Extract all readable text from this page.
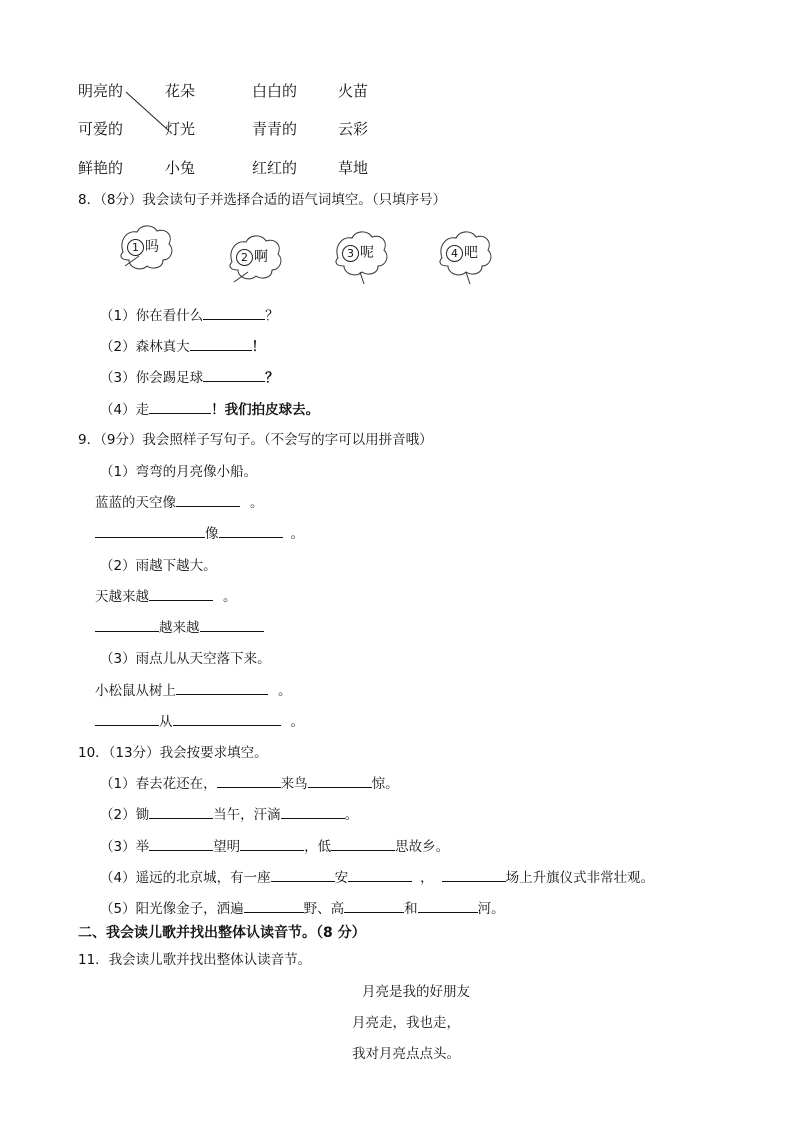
明亮的	花朵	白白的	火苗
可爱的	灯光	青青的	云彩
鲜艳的	小兔	红红的	草地
8．（8分）我会读句子并选择合适的语气词填空。（只填序号）
1 吗
2 啊	3 呢	4 吧
（1）你在看什么	？
（2）森林真大	！
（3）你会踢足球	？
（4）走	！我们拍皮球去。
9．（9分）我会照样子写句子。（不会写的字可以用拼音哦）
（1）弯弯的月亮像小船。
蓝蓝的天空像	。
像	。
（2）雨越下越大。
天越来越	。
越来越
（3）雨点儿从天空落下来。
小松鼠从树上	。
从	。
10．（13分）我会按要求填空。
（1）春去花还在，	来鸟	惊。
（2）锄	当午，汗滴	。
（3）举	望明	，低	思故乡。
（4）遥远的北京城，有一座	安	，	场上升旗仪式非常壮观。
（5）阳光像金子，洒遍	野、高	和	河。
二、我会读儿歌并找出整体认读音节。（8 分）
11．我会读儿歌并找出整体认读音节。
月亮是我的好朋友
月亮走，我也走，
我对月亮点点头。
